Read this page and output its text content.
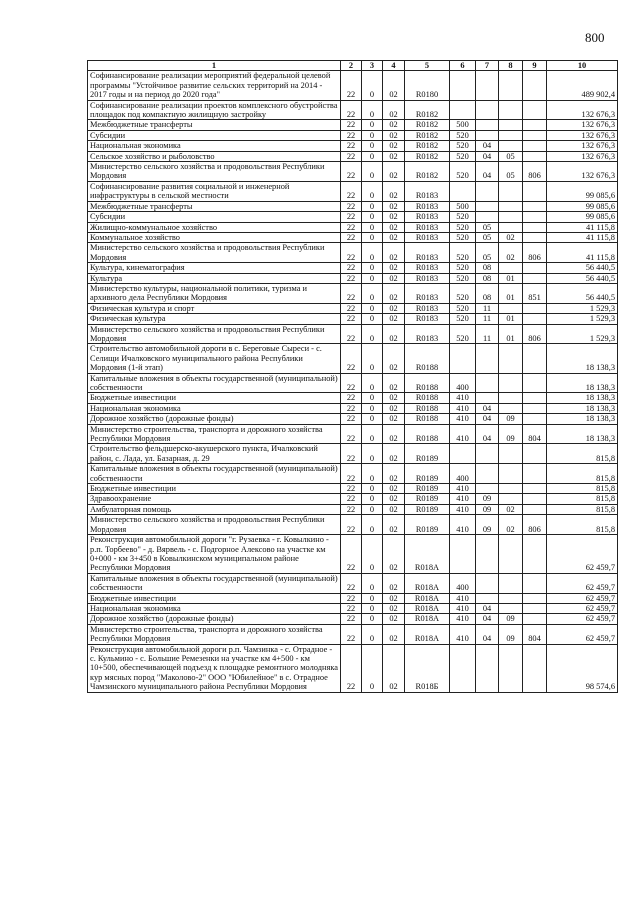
800
1	2	3	4	5	6	7	8	9	10
Софинансирование реализации мероприятий федеральной целевой программы "Устойчивое развитие сельских территорий на 2014 - 2017 годы и на период до 2020 года"	22	0	02	R0180					489 902,4
Софинансирование реализации проектов комплексного обустройства площадок под компактную жилищную застройку	22	0	02	R0182					132 676,3
Межбюджетные трансферты	22	0	02	R0182	500				132 676,3
Субсидии	22	0	02	R0182	520				132 676,3
Национальная экономика	22	0	02	R0182	520	04			132 676,3
Сельское хозяйство и рыболовство	22	0	02	R0182	520	04	05		132 676,3
Министерство сельского хозяйства и продовольствия Республики Мордовия	22	0	02	R0182	520	04	05	806	132 676,3
Софинансирование развития социальной и инженерной инфраструктуры в сельской местности	22	0	02	R0183					99 085,6
Межбюджетные трансферты	22	0	02	R0183	500				99 085,6
Субсидии	22	0	02	R0183	520				99 085,6
Жилищно-коммунальное хозяйство	22	0	02	R0183	520	05			41 115,8
Коммунальное хозяйство	22	0	02	R0183	520	05	02		41 115,8
Министерство сельского хозяйства и продовольствия Республики Мордовия	22	0	02	R0183	520	05	02	806	41 115,8
Культура, кинематография	22	0	02	R0183	520	08			56 440,5
Культура	22	0	02	R0183	520	08	01		56 440,5
Министерство культуры, национальной политики, туризма и архивного дела Республики Мордовия	22	0	02	R0183	520	08	01	851	56 440,5
Физическая культура и спорт	22	0	02	R0183	520	11			1 529,3
Физическая культура	22	0	02	R0183	520	11	01		1 529,3
Министерство сельского хозяйства и продовольствия Республики Мордовия	22	0	02	R0183	520	11	01	806	1 529,3
Строительство автомобильной дороги в с. Береговые Сыреси - с. Селищи Ичалковского муниципального района Республики Мордовия (1-й этап)	22	0	02	R0188					18 138,3
Капитальные вложения в объекты государственной (муниципальной) собственности	22	0	02	R0188	400				18 138,3
Бюджетные инвестиции	22	0	02	R0188	410				18 138,3
Национальная экономика	22	0	02	R0188	410	04			18 138,3
Дорожное хозяйство (дорожные фонды)	22	0	02	R0188	410	04	09		18 138,3
Министерство строительства, транспорта и дорожного хозяйства Республики Мордовия	22	0	02	R0188	410	04	09	804	18 138,3
Строительство фельдшерско-акушерского пункта, Ичалковский район, с. Лада, ул. Базарная, д. 29	22	0	02	R0189					815,8
Капитальные вложения в объекты государственной (муниципальной) собственности	22	0	02	R0189	400				815,8
Бюджетные инвестиции	22	0	02	R0189	410				815,8
Здравоохранение	22	0	02	R0189	410	09			815,8
Амбулаторная помощь	22	0	02	R0189	410	09	02		815,8
Министерство сельского хозяйства и продовольствия Республики Мордовия	22	0	02	R0189	410	09	02	806	815,8
Реконструкция автомобильной дороги "г. Рузаевка - г. Ковылкино - р.п. Торбеево" - д. Вярвель - с. Подгорное Алексово на участке км 0+000 - км 3+450 в Ковылкинском муниципальном районе Республики Мордовия	22	0	02	R018A					62 459,7
Капитальные вложения в объекты государственной (муниципальной) собственности	22	0	02	R018A	400				62 459,7
Бюджетные инвестиции	22	0	02	R018A	410				62 459,7
Национальная экономика	22	0	02	R018A	410	04			62 459,7
Дорожное хозяйство (дорожные фонды)	22	0	02	R018A	410	04	09		62 459,7
Министерство строительства, транспорта и дорожного хозяйства Республики Мордовия	22	0	02	R018A	410	04	09	804	62 459,7
Реконструкция автомобильной дороги р.п. Чамзинка - с. Отрадное - с. Кульмино - с. Большие Ремезенки на участке км 4+500 - км 10+500, обеспечивающей подъезд к площадке ремонтного молодняка кур мясных пород "Маколово-2" ООО "Юбилейное" в с. Отрадное Чамзинского муниципального района Республики Мордовия	22	0	02	R018Б					98 574,6
